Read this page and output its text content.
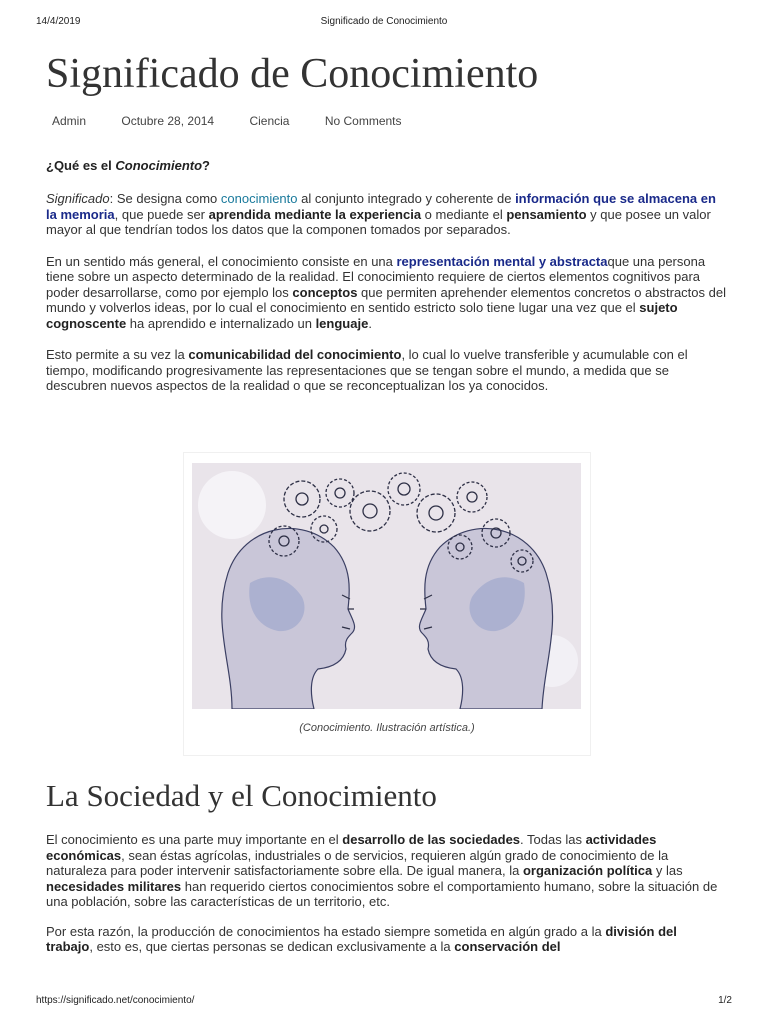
14/4/2019	Significado de Conocimiento
Significado de Conocimiento
Admin	Octubre 28, 2014	Ciencia	No Comments
¿Qué es el Conocimiento?

Significado: Se designa como conocimiento al conjunto integrado y coherente de información que se almacena en la memoria, que puede ser aprendida mediante la experiencia o mediante el pensamiento y que posee un valor mayor al que tendrían todos los datos que la componen tomados por separados.

En un sentido más general, el conocimiento consiste en una representación mental y abstractaque una persona tiene sobre un aspecto determinado de la realidad. El conocimiento requiere de ciertos elementos cognitivos para poder desarrollarse, como por ejemplo los conceptos que permiten aprehender elementos concretos o abstractos del mundo y volverlos ideas, por lo cual el conocimiento en sentido estricto solo tiene lugar una vez que el sujeto cognoscente ha aprendido e internalizado un lenguaje.

Esto permite a su vez la comunicabilidad del conocimiento, lo cual lo vuelve transferible y acumulable con el tiempo, modificando progresivamente las representaciones que se tengan sobre el mundo, a medida que se descubren nuevos aspectos de la realidad o que se reconceptualizan los ya conocidos.

(Conocimiento. Ilustración artística.)
La Sociedad y el Conocimiento

El conocimiento es una parte muy importante en el desarrollo de las sociedades. Todas las actividades económicas, sean éstas agrícolas, industriales o de servicios, requieren algún grado de conocimiento de la naturaleza para poder intervenir satisfactoriamente sobre ella. De igual manera, la organización política y las necesidades militares han requerido ciertos conocimientos sobre el comportamiento humano, sobre la situación de una población, sobre las características de un territorio, etc.

Por esta razón, la producción de conocimientos ha estado siempre sometida en algún grado a la división del trabajo, esto es, que ciertas personas se dedican exclusivamente a la conservación del

https://significado.net/conocimiento/	1/2
